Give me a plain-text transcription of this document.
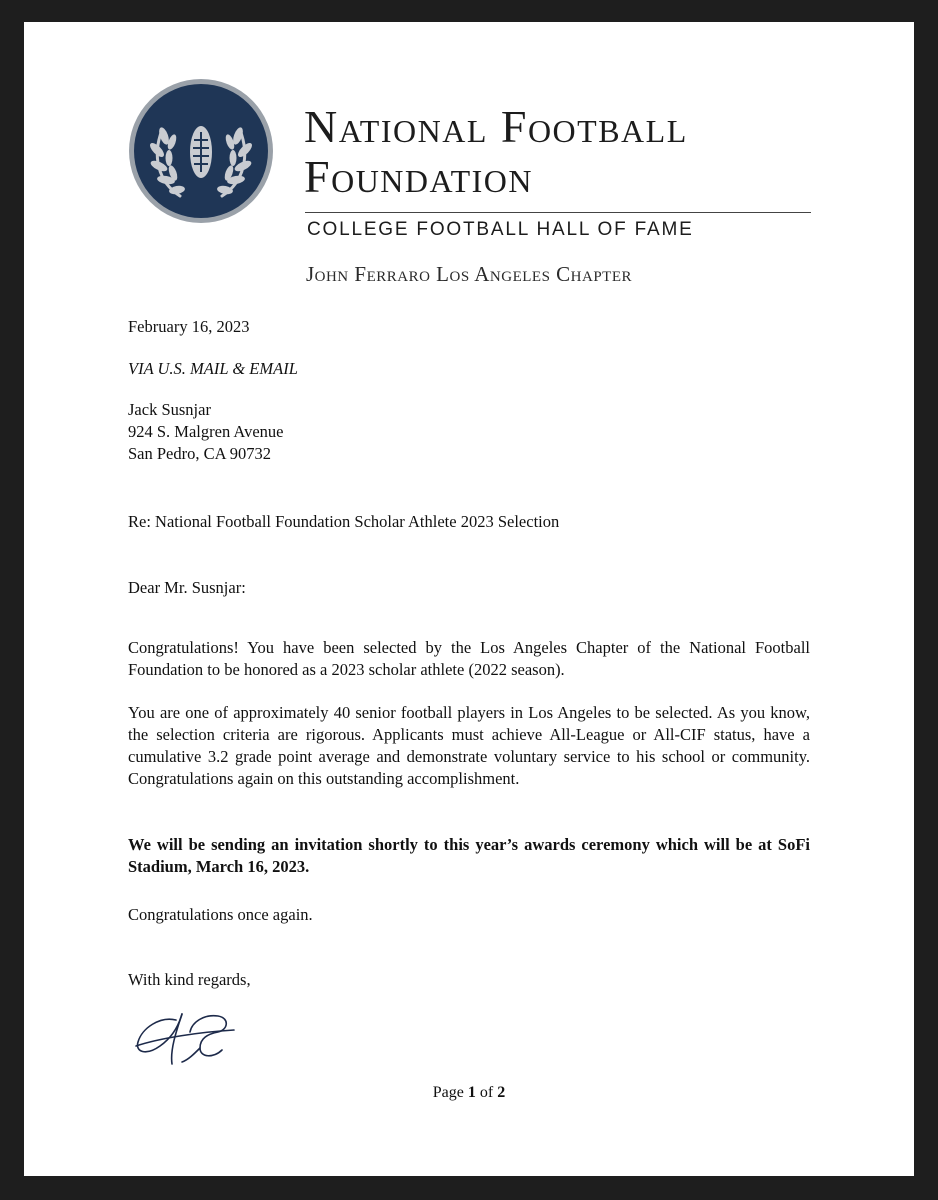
National Football
Foundation
COLLEGE FOOTBALL HALL OF FAME
John Ferraro Los Angeles Chapter
February 16, 2023
VIA U.S. MAIL & EMAIL
Jack Susnjar
924 S. Malgren Avenue
San Pedro, CA 90732
Re: National Football Foundation Scholar Athlete 2023 Selection
Dear Mr. Susnjar:

Congratulations! You have been selected by the Los Angeles Chapter of the National Football Foundation to be honored as a 2023 scholar athlete (2022 season).

You are one of approximately 40 senior football players in Los Angeles to be selected. As you know, the selection criteria are rigorous. Applicants must achieve All-League or All-CIF status, have a cumulative 3.2 grade point average and demonstrate voluntary service to his school or community. Congratulations again on this outstanding accomplishment.

We will be sending an invitation shortly to this year’s awards ceremony which will be at SoFi Stadium, March 16, 2023.

Congratulations once again.
With kind regards,
Page 1 of 2
